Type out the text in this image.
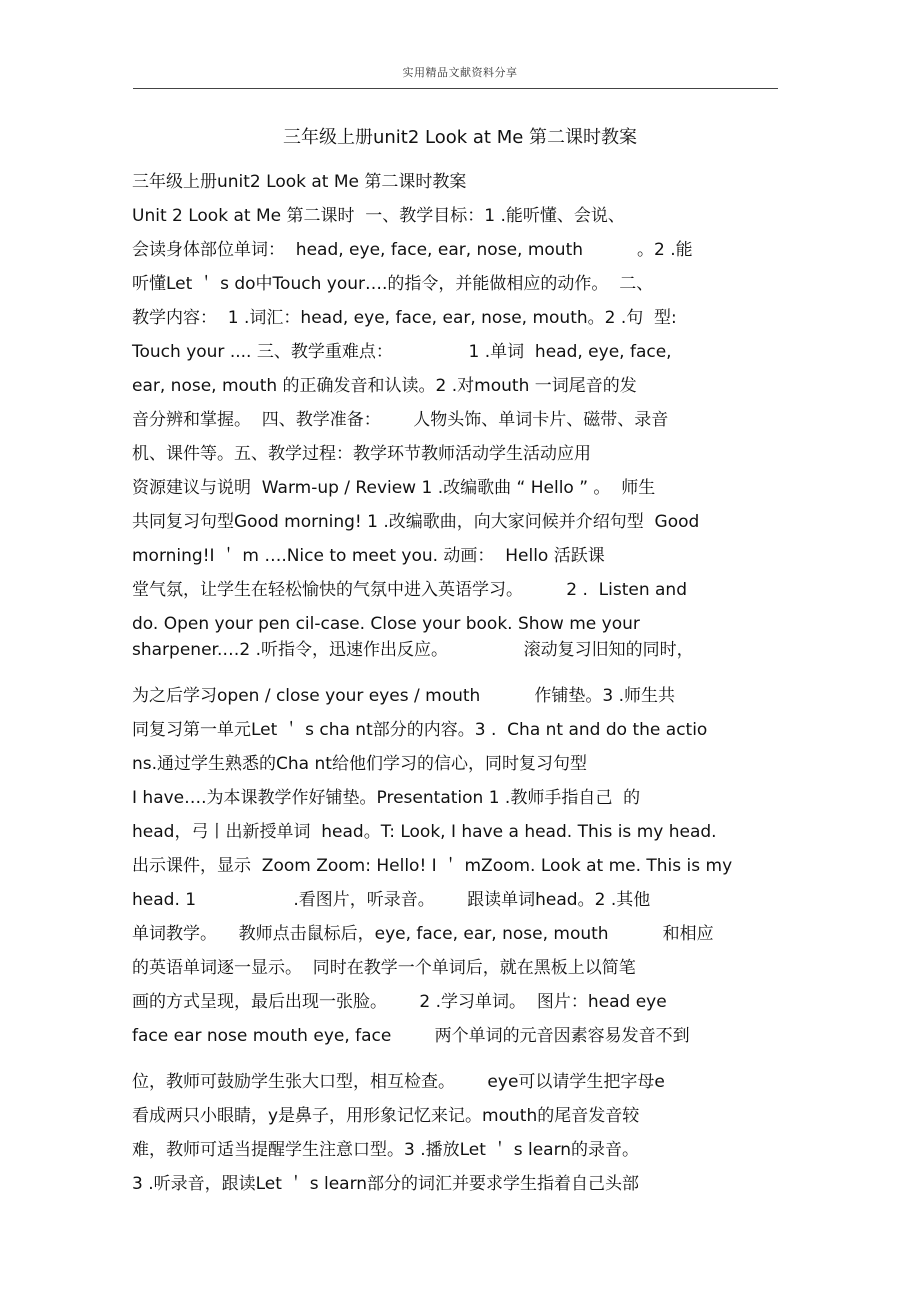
实用精品文献资料分享
三年级上册unit2 Look at Me 第二课时教案
三年级上册unit2 Look at Me 第二课时教案
Unit 2 Look at Me 第二课时  一、教学目标：1 .能听懂、会说、
会读身体部位单词：  head, eye, face, ear, nose, mouth          。2 .能
听懂Let ＇ s do中Touch your….的指令，并能做相应的动作。  二、
教学内容：  1 .词汇：head, eye, face, ear, nose, mouth。2 .句  型:
Touch your .... 三、教学重难点：              1 .单词  head, eye, face,
ear, nose, mouth 的正确发音和认读。2 .对mouth 一词尾音的发
音分辨和掌握。  四、教学准备：      人物头饰、单词卡片、磁带、录音
机、课件等。五、教学过程：教学环节教师活动学生活动应用
资源建议与说明  Warm-up / Review 1 .改编歌曲 “ Hello ” 。  师生
共同复习句型Good morning! 1 .改编歌曲，向大家问候并介绍句型  Good
morning!I ＇ m ….Nice to meet you. 动画：  Hello 活跃课
堂气氛，让学生在轻松愉快的气氛中进入英语学习。        2 .  Listen and
do. Open your pen cil-case. Close your book. Show me your
sharpener.…2 .听指令，迅速作出反应。              滚动复习旧知的同时，
为之后学习open / close your eyes / mouth          作铺垫。3 .师生共
同复习第一单元Let ＇ s cha nt部分的内容。3 .  Cha nt and do the actio
ns.通过学生熟悉的Cha nt给他们学习的信心，同时复习句型
I have….为本课教学作好铺垫。Presentation 1 .教师手指自己  的
head，弓丨出新授单词  head。T: Look, I have a head. This is my head.
出示课件，显示  Zoom Zoom: Hello! I ＇ mZoom. Look at me. This is my
head. 1                  .看图片，听录音。      跟读单词head。2 .其他
单词教学。    教师点击鼠标后，eye, face, ear, nose, mouth          和相应
的英语单词逐一显示。  同时在教学一个单词后，就在黑板上以简笔
画的方式呈现，最后出现一张脸。      2 .学习单词。  图片：head eye
face ear nose mouth eye, face        两个单词的元音因素容易发音不到
位，教师可鼓励学生张大口型，相互检查。      eye可以请学生把字母e
看成两只小眼睛，y是鼻子，用形象记忆来记。mouth的尾音发音较
难，教师可适当提醒学生注意口型。3 .播放Let ＇ s learn的录音。
3 .听录音，跟读Let ＇ s learn部分的词汇并要求学生指着自己头部
